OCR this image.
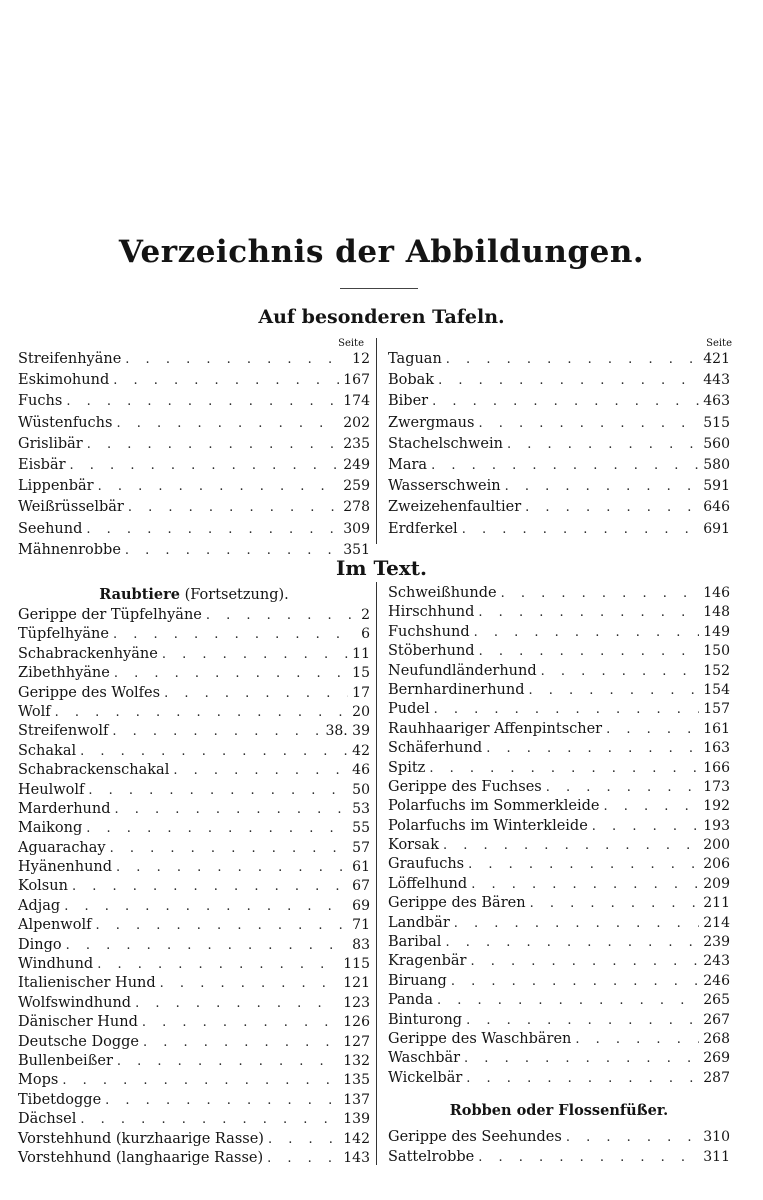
Verzeichnis der Abbildungen.
Auf besonderen Tafeln.
Seite	Seite
Streifenhyäne . . .	12
Eskimohund . . .	167
Fuchs . . .	174
Wüstenfuchs . . .	202
Grislibär . . .	235
Eisbär . . .	249
Lippenbär . . .	259
Weißrüsselbär . . .	278
Seehund . . .	309
Mähnenrobbe . . .	351
Taguan . . .	421
Bobak . . .	443
Biber . . .	463
Zwergmaus . . .	515
Stachelschwein . . .	560
Mara . . .	580
Wasserschwein . . .	591
Zweizehenfaultier . . .	646
Erdferkel . . .	691
Im Text.
Raubtiere (Fortsetzung).
Gerippe der Tüpfelhyäne . . .	2
Tüpfelhyäne . . .	6
Schabrackenhyäne . . .	11
Zibethhyäne . . .	15
Gerippe des Wolfes . . .	17
Wolf . . .	20
Streifenwolf . . .	38. 39
Schakal . . .	42
Schabrackenschakal . . .	46
Heulwolf . . .	50
Marderhund . . .	53
Maikong . . .	55
Aguarachay . . .	57
Hyänenhund . . .	61
Kolsun . . .	67
Adjag . . .	69
Alpenwolf . . .	71
Dingo . . .	83
Windhund . . .	115
Italienischer Hund . . .	121
Wolfswindhund . . .	123
Dänischer Hund . . .	126
Deutsche Dogge . . .	127
Bullenbeißer . . .	132
Mops . . .	135
Tibetdogge . . .	137
Dächsel . . .	139
Vorstehhund (kurzhaarige Rasse) . . .	142
Vorstehhund (langhaarige Rasse) . . .	143
Schweißhunde . . .	146
Hirschhund . . .	148
Fuchshund . . .	149
Stöberhund . . .	150
Neufundländerhund . . .	152
Bernhardinerhund . . .	154
Pudel . . .	157
Rauhhaariger Affenpintscher . . .	161
Schäferhund . . .	163
Spitz . . .	166
Gerippe des Fuchses . . .	173
Polarfuchs im Sommerkleide . . .	192
Polarfuchs im Winterkleide . . .	193
Korsak . . .	200
Graufuchs . . .	206
Löffelhund . . .	209
Gerippe des Bären . . .	211
Landbär . . .	214
Baribal . . .	239
Kragenbär . . .	243
Biruang . . .	246
Panda . . .	265
Binturong . . .	267
Gerippe des Waschbären . . .	268
Waschbär . . .	269
Wickelbär . . .	287
Robben oder Flossenfüßer.
Gerippe des Seehundes . . .	310
Sattelrobbe . . .	311
